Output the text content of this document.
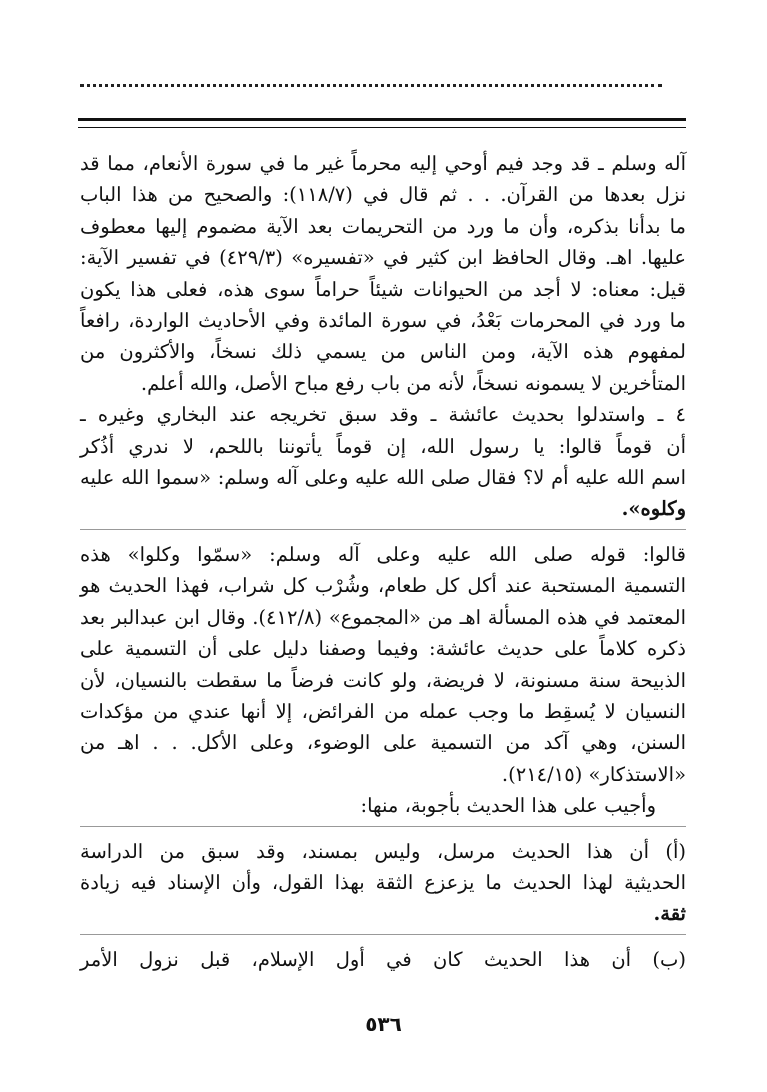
آله وسلم ـ قد وجد فيم أوحي إليه محرماً غير ما في سورة الأنعام، مما قد
نزل بعدها من القرآن. . . ثم قال في (١١٨/٧): والصحيح من هذا الباب
ما بدأنا بذكره، وأن ما ورد من التحريمات بعد الآية مضموم إليها معطوف
عليها. اهـ. وقال الحافظ ابن كثير في «تفسيره» (٤٢٩/٣) في تفسير الآية:
قيل: معناه: لا أجد من الحيوانات شيئاً حراماً سوى هذه، فعلى هذا يكون
ما ورد في المحرمات بَعْدُ، في سورة المائدة وفي الأحاديث الواردة، رافعاً
لمفهوم هذه الآية، ومن الناس من يسمي ذلك نسخاً، والأكثرون من
المتأخرين لا يسمونه نسخاً، لأنه من باب رفع مباح الأصل، والله أعلم.

٤ ـ واستدلوا بحديث عائشة ـ وقد سبق تخريجه عند البخاري وغيره ـ
أن قوماً قالوا: يا رسول الله، إن قوماً يأتوننا باللحم، لا ندري أذُكر
اسم الله عليه أم لا؟ فقال صلى الله عليه وعلى آله وسلم: «سموا الله عليه
وكلوه».

قالوا: قوله صلى الله عليه وعلى آله وسلم: «سمّوا وكلوا» هذه
التسمية المستحبة عند أكل كل طعام، وشُرْب كل شراب، فهذا الحديث هو
المعتمد في هذه المسألة اهـ من «المجموع» (٤١٢/٨). وقال ابن عبدالبر بعد
ذكره كلاماً على حديث عائشة: وفيما وصفنا دليل على أن التسمية على
الذبيحة سنة مسنونة، لا فريضة، ولو كانت فرضاً ما سقطت بالنسيان، لأن
النسيان لا يُسقِط ما وجب عمله من الفرائض، إلا أنها عندي من مؤكدات
السنن، وهي آكد من التسمية على الوضوء، وعلى الأكل. . . اهـ من
«الاستذكار» (٢١٤/١٥).

وأجيب على هذا الحديث بأجوبة، منها:

(أ) أن هذا الحديث مرسل، وليس بمسند، وقد سبق من الدراسة
الحديثية لهذا الحديث ما يزعزع الثقة بهذا القول، وأن الإسناد فيه زيادة
ثقة.

(ب) أن هذا الحديث كان في أول الإسلام، قبل نزول الأمر

٥٣٦
